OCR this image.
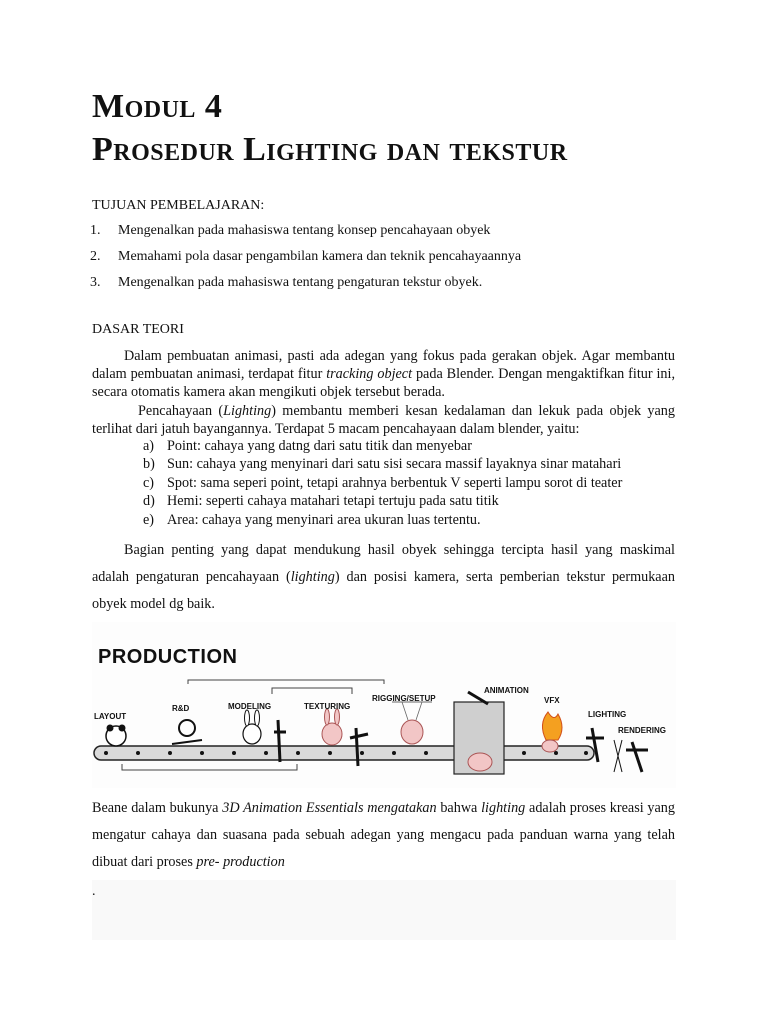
Modul 4
Prosedur Lighting dan tekstur
TUJUAN PEMBELAJARAN:
1.	Mengenalkan pada mahasiswa tentang konsep pencahayaan obyek
2.	Memahami pola dasar pengambilan kamera dan teknik pencahayaannya
3.	Mengenalkan pada mahasiswa tentang pengaturan tekstur obyek.
DASAR TEORI

Dalam pembuatan animasi, pasti ada adegan yang fokus pada gerakan objek. Agar membantu dalam pembuatan animasi, terdapat fitur tracking object pada Blender. Dengan mengaktifkan fitur ini, secara otomatis kamera akan mengikuti objek tersebut berada.

Pencahayaan (Lighting) membantu memberi kesan kedalaman dan lekuk pada objek yang terlihat dari jatuh bayangannya. Terdapat 5 macam pencahayaan dalam blender, yaitu:

a) Point: cahaya yang datng dari satu titik dan menyebar
b) Sun: cahaya yang menyinari dari satu sisi secara massif layaknya sinar matahari
c) Spot: sama seperi point, tetapi arahnya berbentuk V seperti lampu sorot di teater
d) Hemi: seperti cahaya matahari tetapi tertuju pada satu titik
e) Area: cahaya yang menyinari area ukuran luas tertentu.

Bagian penting yang dapat mendukung hasil obyek sehingga tercipta hasil yang maskimal adalah pengaturan pencahayaan (lighting) dan posisi kamera, serta pemberian tekstur permukaan obyek model dg baik.

PRODUCTION
LAYOUT
R&D	MODELING	TEXTURING
RIGGING/SETUP
ANIMATION
VFX
LIGHTING
RENDERING

Beane dalam bukunya 3D Animation Essentials mengatakan bahwa lighting adalah proses kreasi yang mengatur cahaya dan suasana pada sebuah adegan yang mengacu pada panduan warna yang telah dibuat dari proses pre- production

.
